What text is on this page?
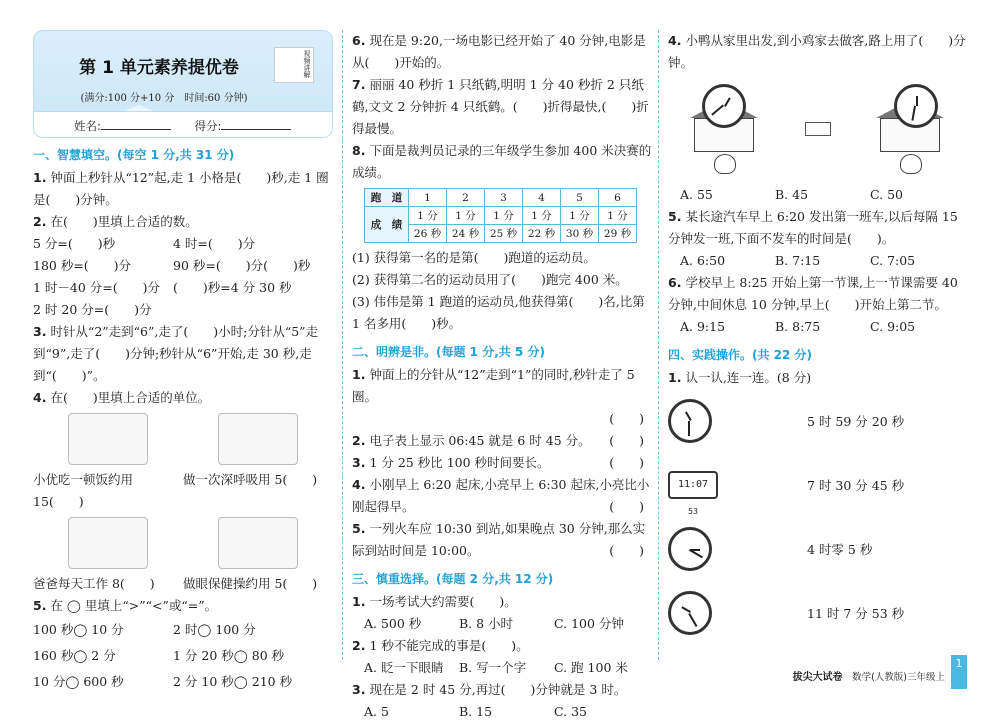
第 1 单元素养提优卷
(满分:100 分+10 分　时间:60 分钟)
视频讲解
姓名:	得分:
一、智慧填空。(每空 1 分,共 31 分)
1. 钟面上秒针从“12”起,走 1 小格是(　　)秒,走 1 圈是(　　)分钟。
2. 在(　　)里填上合适的数。
5 分=(　　)秒	4 时=(　　)分
180 秒=(　　)分	90 秒=(　　)分(　　)秒
1 时－40 分=(　　)分	(　　)秒=4 分 30 秒
2 时 20 分=(　　)分
3. 时针从“2”走到“6”,走了(　　)小时;分针从“5”走到“9”,走了(　　)分钟;秒针从“6”开始,走 30 秒,走到“(　　)”。
4. 在(　　)里填上合适的单位。
小优吃一顿饭约用 15(　　)
做一次深呼吸用 5(　　)
爸爸每天工作 8(　　)	做眼保健操约用 5(　　)
5. 在 ◯ 里填上“>”“<”或“=”。
100 秒◯ 10 分	2 时◯ 100 分
160 秒◯ 2 分	1 分 20 秒◯ 80 秒
10 分◯ 600 秒	2 分 10 秒◯ 210 秒
6. 现在是 9:20,一场电影已经开始了 40 分钟,电影是从(　　)开始的。
7. 丽丽 40 秒折 1 只纸鹤,明明 1 分 40 秒折 2 只纸鹤,文文 2 分钟折 4 只纸鹤。(　　)折得最快,(　　)折得最慢。
8. 下面是裁判员记录的三年级学生参加 400 米决赛的成绩。
跑　道	1	2	3	4	5	6
成　绩	1 分	1 分	1 分	1 分	1 分	1 分
	26 秒	24 秒	25 秒	22 秒	30 秒	29 秒
(1) 获得第一名的是第(　　)跑道的运动员。
(2) 获得第二名的运动员用了(　　)跑完 400 米。
(3) 伟伟是第 1 跑道的运动员,他获得第(　　)名,比第 1 名多用(　　)秒。
二、明辨是非。(每题 1 分,共 5 分)
1. 钟面上的分针从“12”走到“1”的同时,秒针走了 5 圈。

(　　)
2. 电子表上显示 06:45 就是 6 时 45 分。 (　　)
3. 1 分 25 秒比 100 秒时间要长。	(　　)
4. 小刚早上 6:20 起床,小亮早上 6:30 起床,小亮比小刚起得早。	(　　)
5. 一列火车应 10:30 到站,如果晚点 30 分钟,那么实际到站时间是 10:00。	(　　)
三、慎重选择。(每题 2 分,共 12 分)
1. 一场考试大约需要(　　)。
A. 500 秒	B. 8 小时	C. 100 分钟
2. 1 秒不能完成的事是(　　)。
A. 眨一下眼睛	B. 写一个字	C. 跑 100 米
3. 现在是 2 时 45 分,再过(　　)分钟就是 3 时。
A. 5	B. 15	C. 35
4. 小鸭从家里出发,到小鸡家去做客,路上用了(　　)分钟。
A. 55	B. 45	C. 50
5. 某长途汽车早上 6:20 发出第一班车,以后每隔 15 分钟发一班,下面不发车的时间是(　　)。
A. 6:50	B. 7:15	C. 7:05
6. 学校早上 8:25 开始上第一节课,上一节课需要 40 分钟,中间休息 10 分钟,早上(　　)开始上第二节。
A. 9:15	B. 8:75	C. 9:05
四、实践操作。(共 22 分)
1. 认一认,连一连。(8 分)
5 时 59 分 20 秒
11:07 $_{53}$
7 时 30 分 45 秒
4 时零 5 秒
11 时 7 分 53 秒
拔尖大试卷　 数学(人教版)三年级上
1
